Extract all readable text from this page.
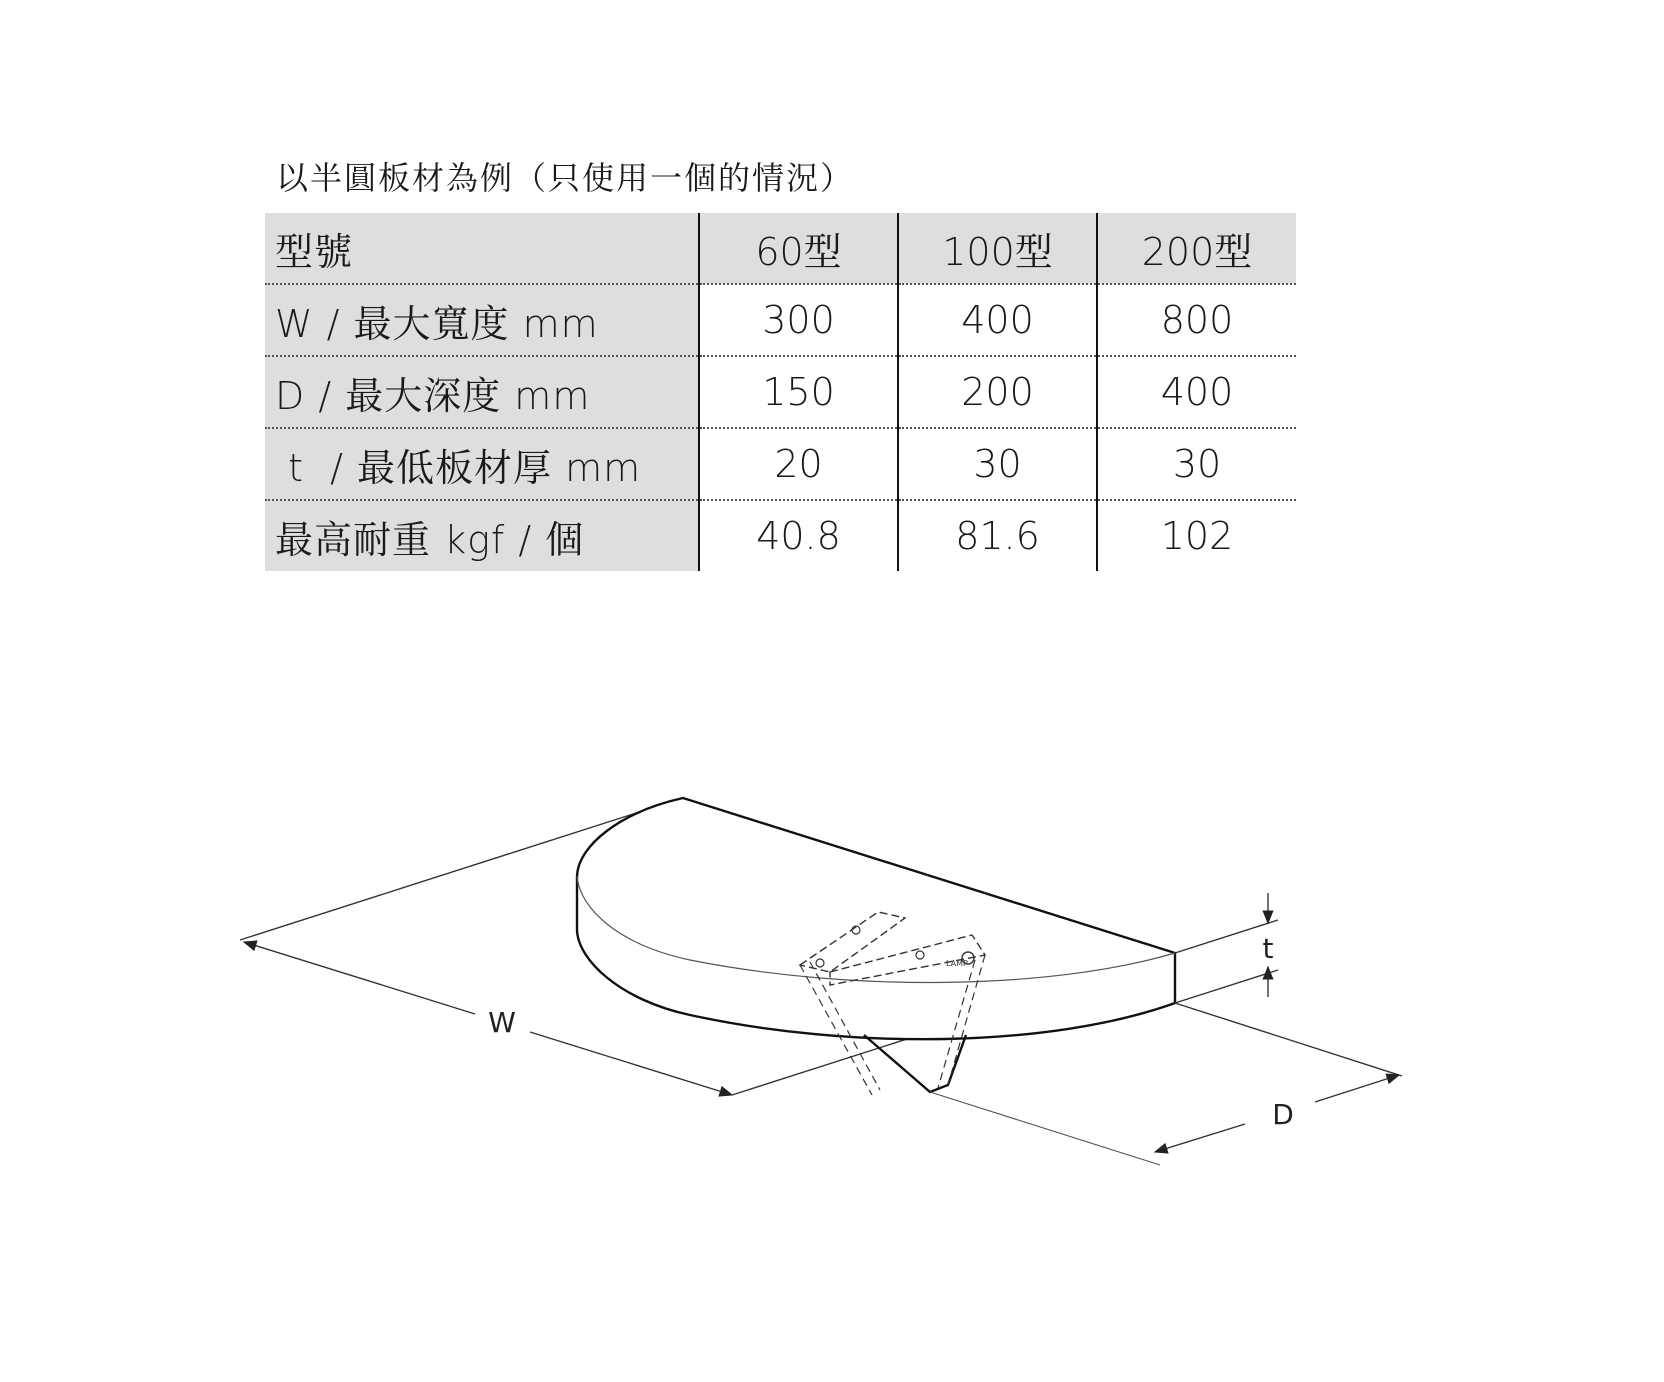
以半圓板材為例（只使用一個的情況）
型號	60型	100型	200型
W / 最大寬度 mm	300	400	800
D / 最大深度 mm	150	200	400
t  / 最低板材厚 mm	20	30	30
最高耐重 kgf / 個	40.8	81.6	102
W
LAMP	t
D
